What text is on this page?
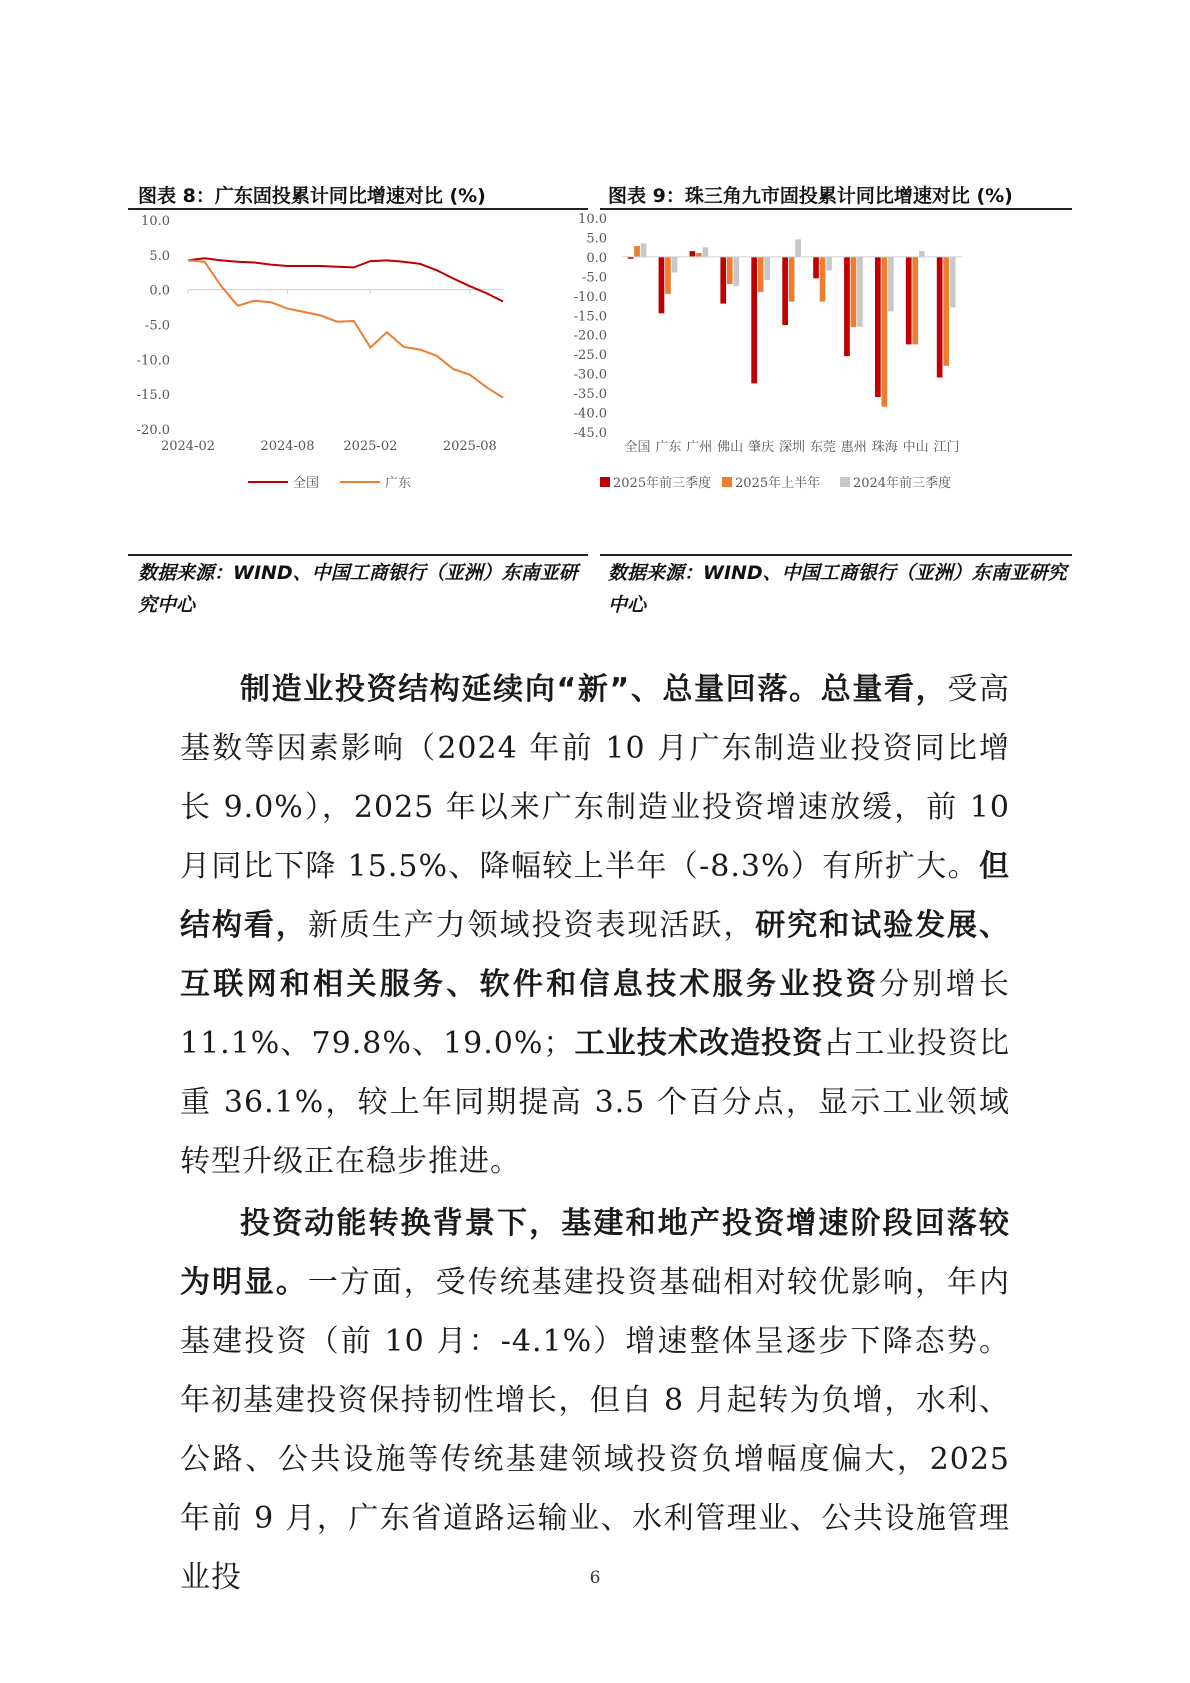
图表 8：广东固投累计同比增速对比 (%)
10.0
5.0
0.0
-5.0
-10.0
-15.0
-20.0
2024-02	2024-08 2025-02	2025-08
全国	广东
数据来源：WIND、中国工商银行（亚洲）东南亚研究中心
图表 9：珠三角九市固投累计同比增速对比 (%)
10.0
5.0
0.0
-5.0
-10.0
-15.0
-20.0
-25.0
-30.0
-35.0
-40.0
-45.0
全国 广东 广州 佛山 肇庆 深圳 东莞 惠州 珠海 中山 江门
2025年前三季度 2025年上半年	2024年前三季度
数据来源：WIND、中国工商银行（亚洲）东南亚研究中心

制造业投资结构延续向“新”、总量回落。总量看，受高基数等因素影响（2024 年前 10 月广东制造业投资同比增长 9.0%），2025 年以来广东制造业投资增速放缓，前 10 月同比下降 15.5%、降幅较上半年（-8.3%）有所扩大。但结构看，新质生产力领域投资表现活跃，研究和试验发展、互联网和相关服务、软件和信息技术服务业投资分别增长 11.1%、79.8%、19.0%；工业技术改造投资占工业投资比重 36.1%，较上年同期提高 3.5 个百分点，显示工业领域转型升级正在稳步推进。

投资动能转换背景下，基建和地产投资增速阶段回落较为明显。一方面，受传统基建投资基础相对较优影响，年内基建投资（前 10 月：-4.1%）增速整体呈逐步下降态势。年初基建投资保持韧性增长，但自 8 月起转为负增，水利、公路、公共设施等传统基建领域投资负增幅度偏大，2025 年前 9 月，广东省道路运输业、水利管理业、公共设施管理业投	6
